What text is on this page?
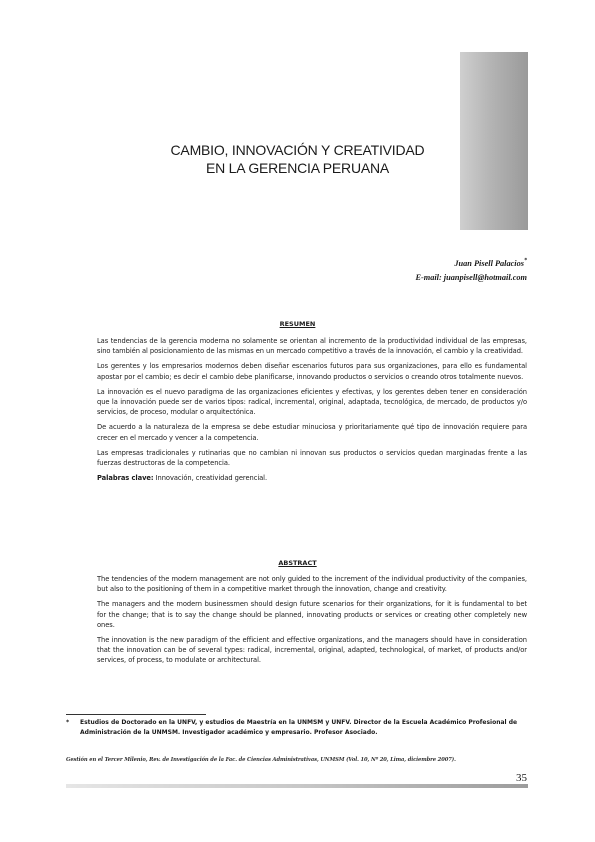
CAMBIO, INNOVACIÓN Y CREATIVIDAD
EN LA GERENCIA PERUANA
Juan Pisell Palacios*
E-mail: juanpisell@hotmail.com
RESUMEN

Las tendencias de la gerencia moderna no solamente se orientan al incremento de la productividad individual de las empresas, sino también al posicionamiento de las mismas en un mercado competitivo a través de la innovación, el cambio y la creatividad.

Los gerentes y los empresarios modernos deben diseñar escenarios futuros para sus organizaciones, para ello es fundamental apostar por el cambio; es decir el cambio debe planificarse, innovando productos o servicios o creando otros totalmente nuevos.

La innovación es el nuevo paradigma de las organizaciones eficientes y efectivas, y los gerentes deben tener en consideración que la innovación puede ser de varios tipos: radical, incremental, original, adaptada, tecnológica, de mercado, de productos y/o servicios, de proceso, modular o arquitectónica.

De acuerdo a la naturaleza de la empresa se debe estudiar minuciosa y prioritariamente qué tipo de innovación requiere para crecer en el mercado y vencer a la competencia.

Las empresas tradicionales y rutinarias que no cambian ni innovan sus productos o servicios quedan marginadas frente a las fuerzas destructoras de la competencia.

Palabras clave: Innovación, creatividad gerencial.

ABSTRACT

The tendencies of the modern management are not only guided to the increment of the individual productivity of the companies, but also to the positioning of them in a competitive market through the innovation, change and creativity.

The managers and the modern businessmen should design future scenarios for their organizations, for it is fundamental to bet for the change; that is to say the change should be planned, innovating products or services or creating other completely new ones.

The innovation is the new paradigm of the efficient and effective organizations, and the managers should have in consideration that the innovation can be of several types: radical, incremental, original, adapted, technological, of market, of products and/or services, of process, to modulate or architectural.

* Estudios de Doctorado en la UNFV, y estudios de Maestría en la UNMSM y UNFV. Director de la Escuela Académico Profesional de Administración de la UNMSM. Investigador académico y empresario. Profesor Asociado.
Gestión en el Tercer Milenio, Rev. de Investigación de la Fac. de Ciencias Administrativas, UNMSM (Vol. 10, Nº 20, Lima, diciembre 2007).
35
